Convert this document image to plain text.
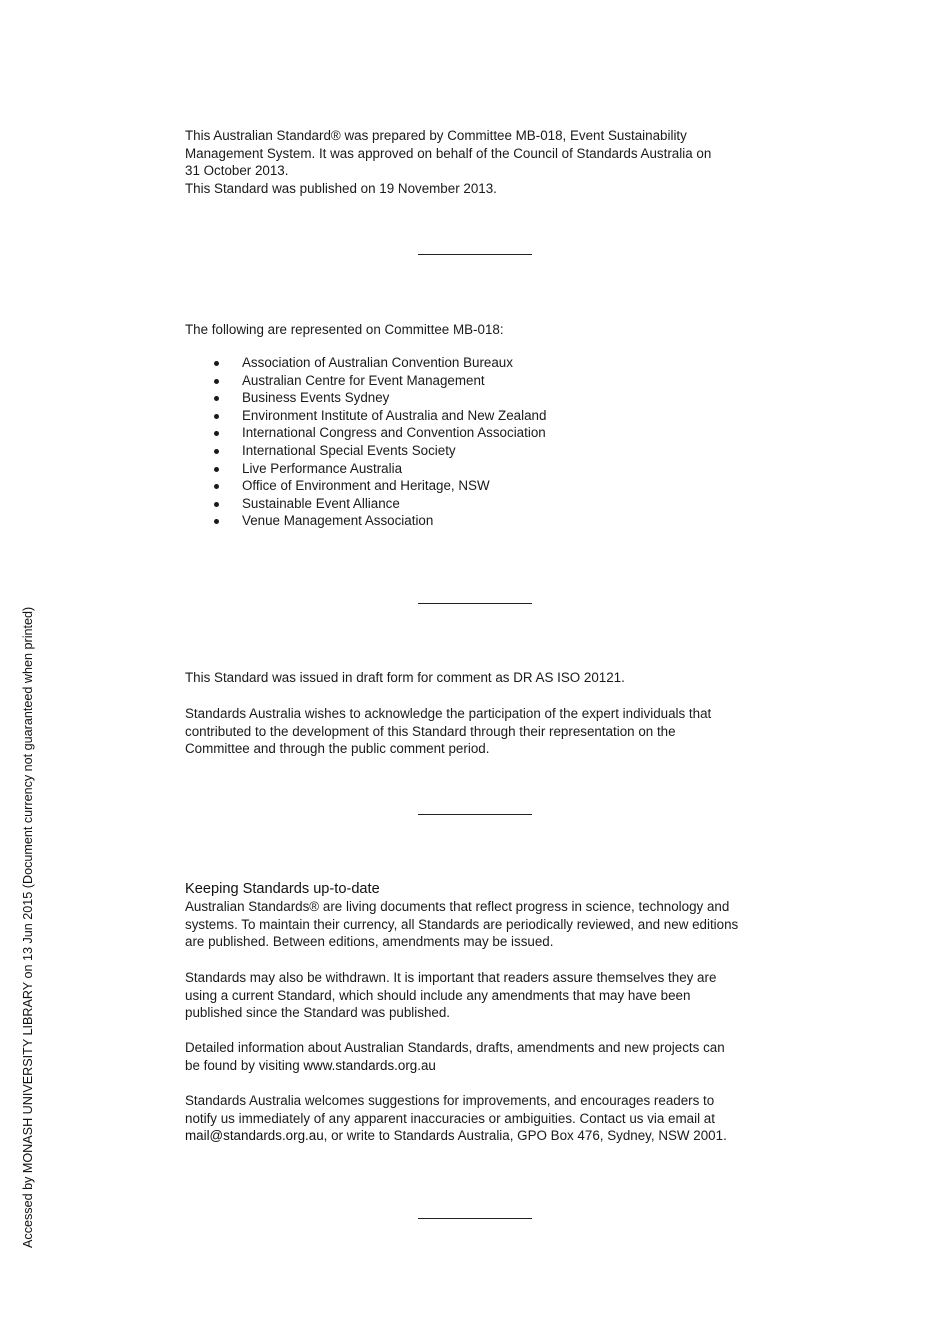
This Australian Standard® was prepared by Committee MB-018, Event Sustainability
Management System. It was approved on behalf of the Council of Standards Australia on
31 October 2013.
This Standard was published on 19 November 2013.
The following are represented on Committee MB-018:
Association of Australian Convention Bureaux
Australian Centre for Event Management
Business Events Sydney
Environment Institute of Australia and New Zealand
International Congress and Convention Association
International Special Events Society
Live Performance Australia
Office of Environment and Heritage, NSW
Sustainable Event Alliance
Venue Management Association
This Standard was issued in draft form for comment as DR AS ISO 20121.
Standards Australia wishes to acknowledge the participation of the expert individuals that
contributed to the development of this Standard through their representation on the
Committee and through the public comment period.
Keeping Standards up-to-date
Australian Standards® are living documents that reflect progress in science, technology and
systems. To maintain their currency, all Standards are periodically reviewed, and new editions
are published. Between editions, amendments may be issued.
Standards may also be withdrawn. It is important that readers assure themselves they are
using a current Standard, which should include any amendments that may have been
published since the Standard was published.
Detailed information about Australian Standards, drafts, amendments and new projects can
be found by visiting www.standards.org.au
Standards Australia welcomes suggestions for improvements, and encourages readers to
notify us immediately of any apparent inaccuracies or ambiguities. Contact us via email at
mail@standards.org.au, or write to Standards Australia, GPO Box 476, Sydney, NSW 2001.
Accessed by MONASH UNIVERSITY LIBRARY on 13 Jun 2015 (Document currency not guaranteed when printed)
